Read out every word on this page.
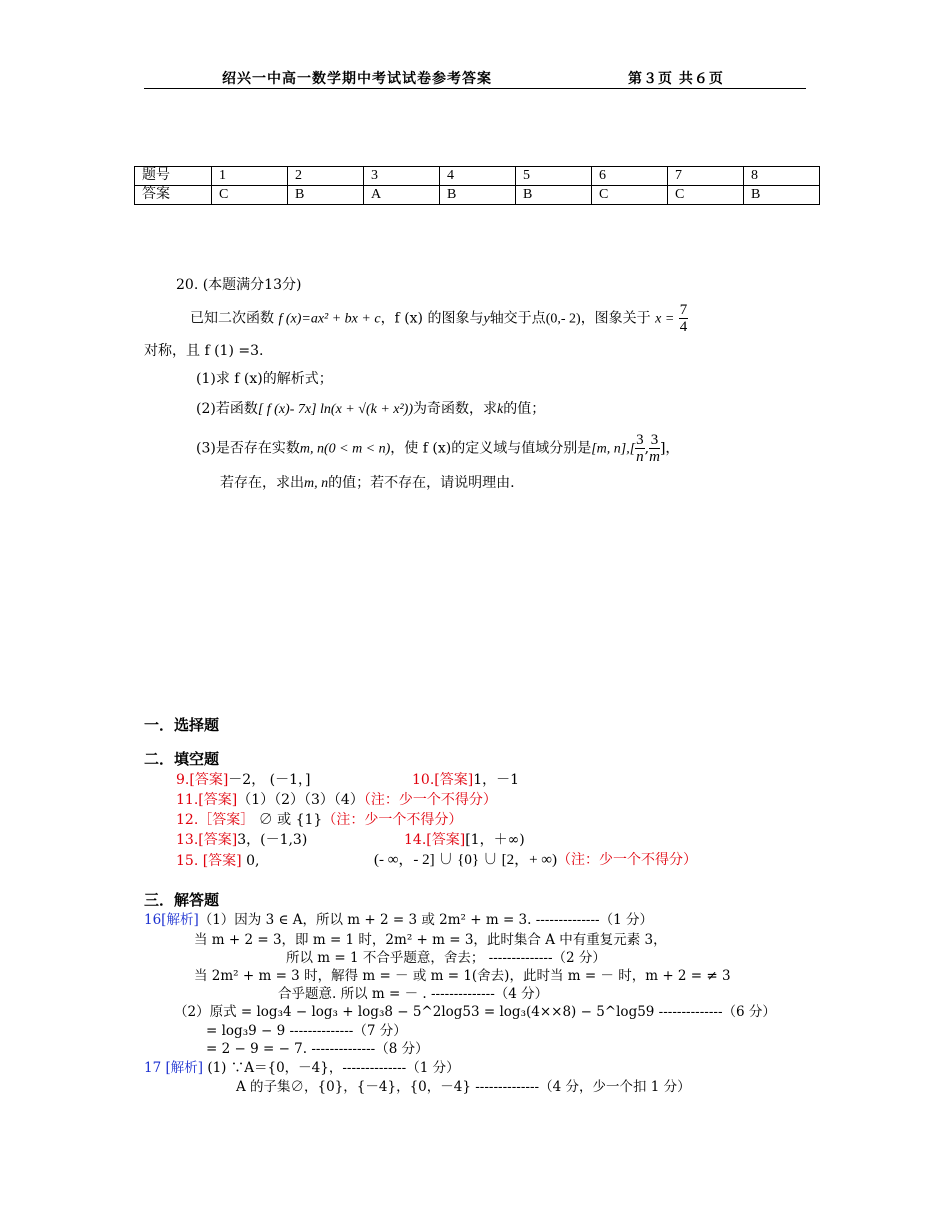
绍兴一中高一数学期中考试试卷参考答案	第３页 共６页
题号	1	2	3	4	5	6	7	8
答案	C	B	A	B	B	C	C	B
20. (本题满分13分)
已知二次函数 f (x)=ax² + bx + c，f (x) 的图象与y轴交于点(0,- 2)，图象关于 $x = \frac{7}{4}$
对称，且 f (1) =3.
(1)求 f (x)的解析式；
(2)若函数[ f (x)- 7x] ln(x + √(k + x²))为奇函数，求k的值；
(3)是否存在实数m, n(0 < m < n)，使 f (x)的定义域与值域分别是[m, $n],[ \frac{3}{n}$ , $\frac{3}{m}$ ]，
若存在，求出m, n的值；若不存在，请说明理由.
一．选择题
二．填空题
9.[答案]－2， (－1，]	10.[答案]1，－1
11.[答案]（1）（2）（3）（4）（注：少一个不得分）
12.［答案］ ∅ 或 {1}（注：少一个不得分）
13.[答案]3，(－1,3)	14.[答案][1，＋∞)
15. [答案] 0,	(- ∞，- 2] ∪ {0} ∪ [2，+ ∞)（注：少一个不得分）
三．解答题
16[解析]（1）因为 3 ∈ A，所以 m + 2 = 3 或 2m² + m = 3. --------------（1 分）
当 m + 2 = 3，即 m = 1 时，2m² + m = 3，此时集合 A 中有重复元素 3，
所以 m = 1 不合乎题意，舍去； --------------（2 分）
当 2m² + m = 3 时，解得 m = － 或 m = 1(舍去)，此时当 m = － 时，m + 2 = ≠ 3
合乎题意. 所以 m = － . --------------（4 分）
（2）原式 = log₃4 − log₃ + log₃8 − 5^2log53 = log₃(4××8) − 5^log59 --------------（6 分）
= log₃9 − 9 --------------（7 分）
= 2 − 9 = − 7. --------------（8 分）
17 [解析] (1) ∵A＝{0，－4}，--------------（1 分）
A 的子集∅，{0}，{－4}，{0，－4} --------------（4 分，少一个扣 1 分）
